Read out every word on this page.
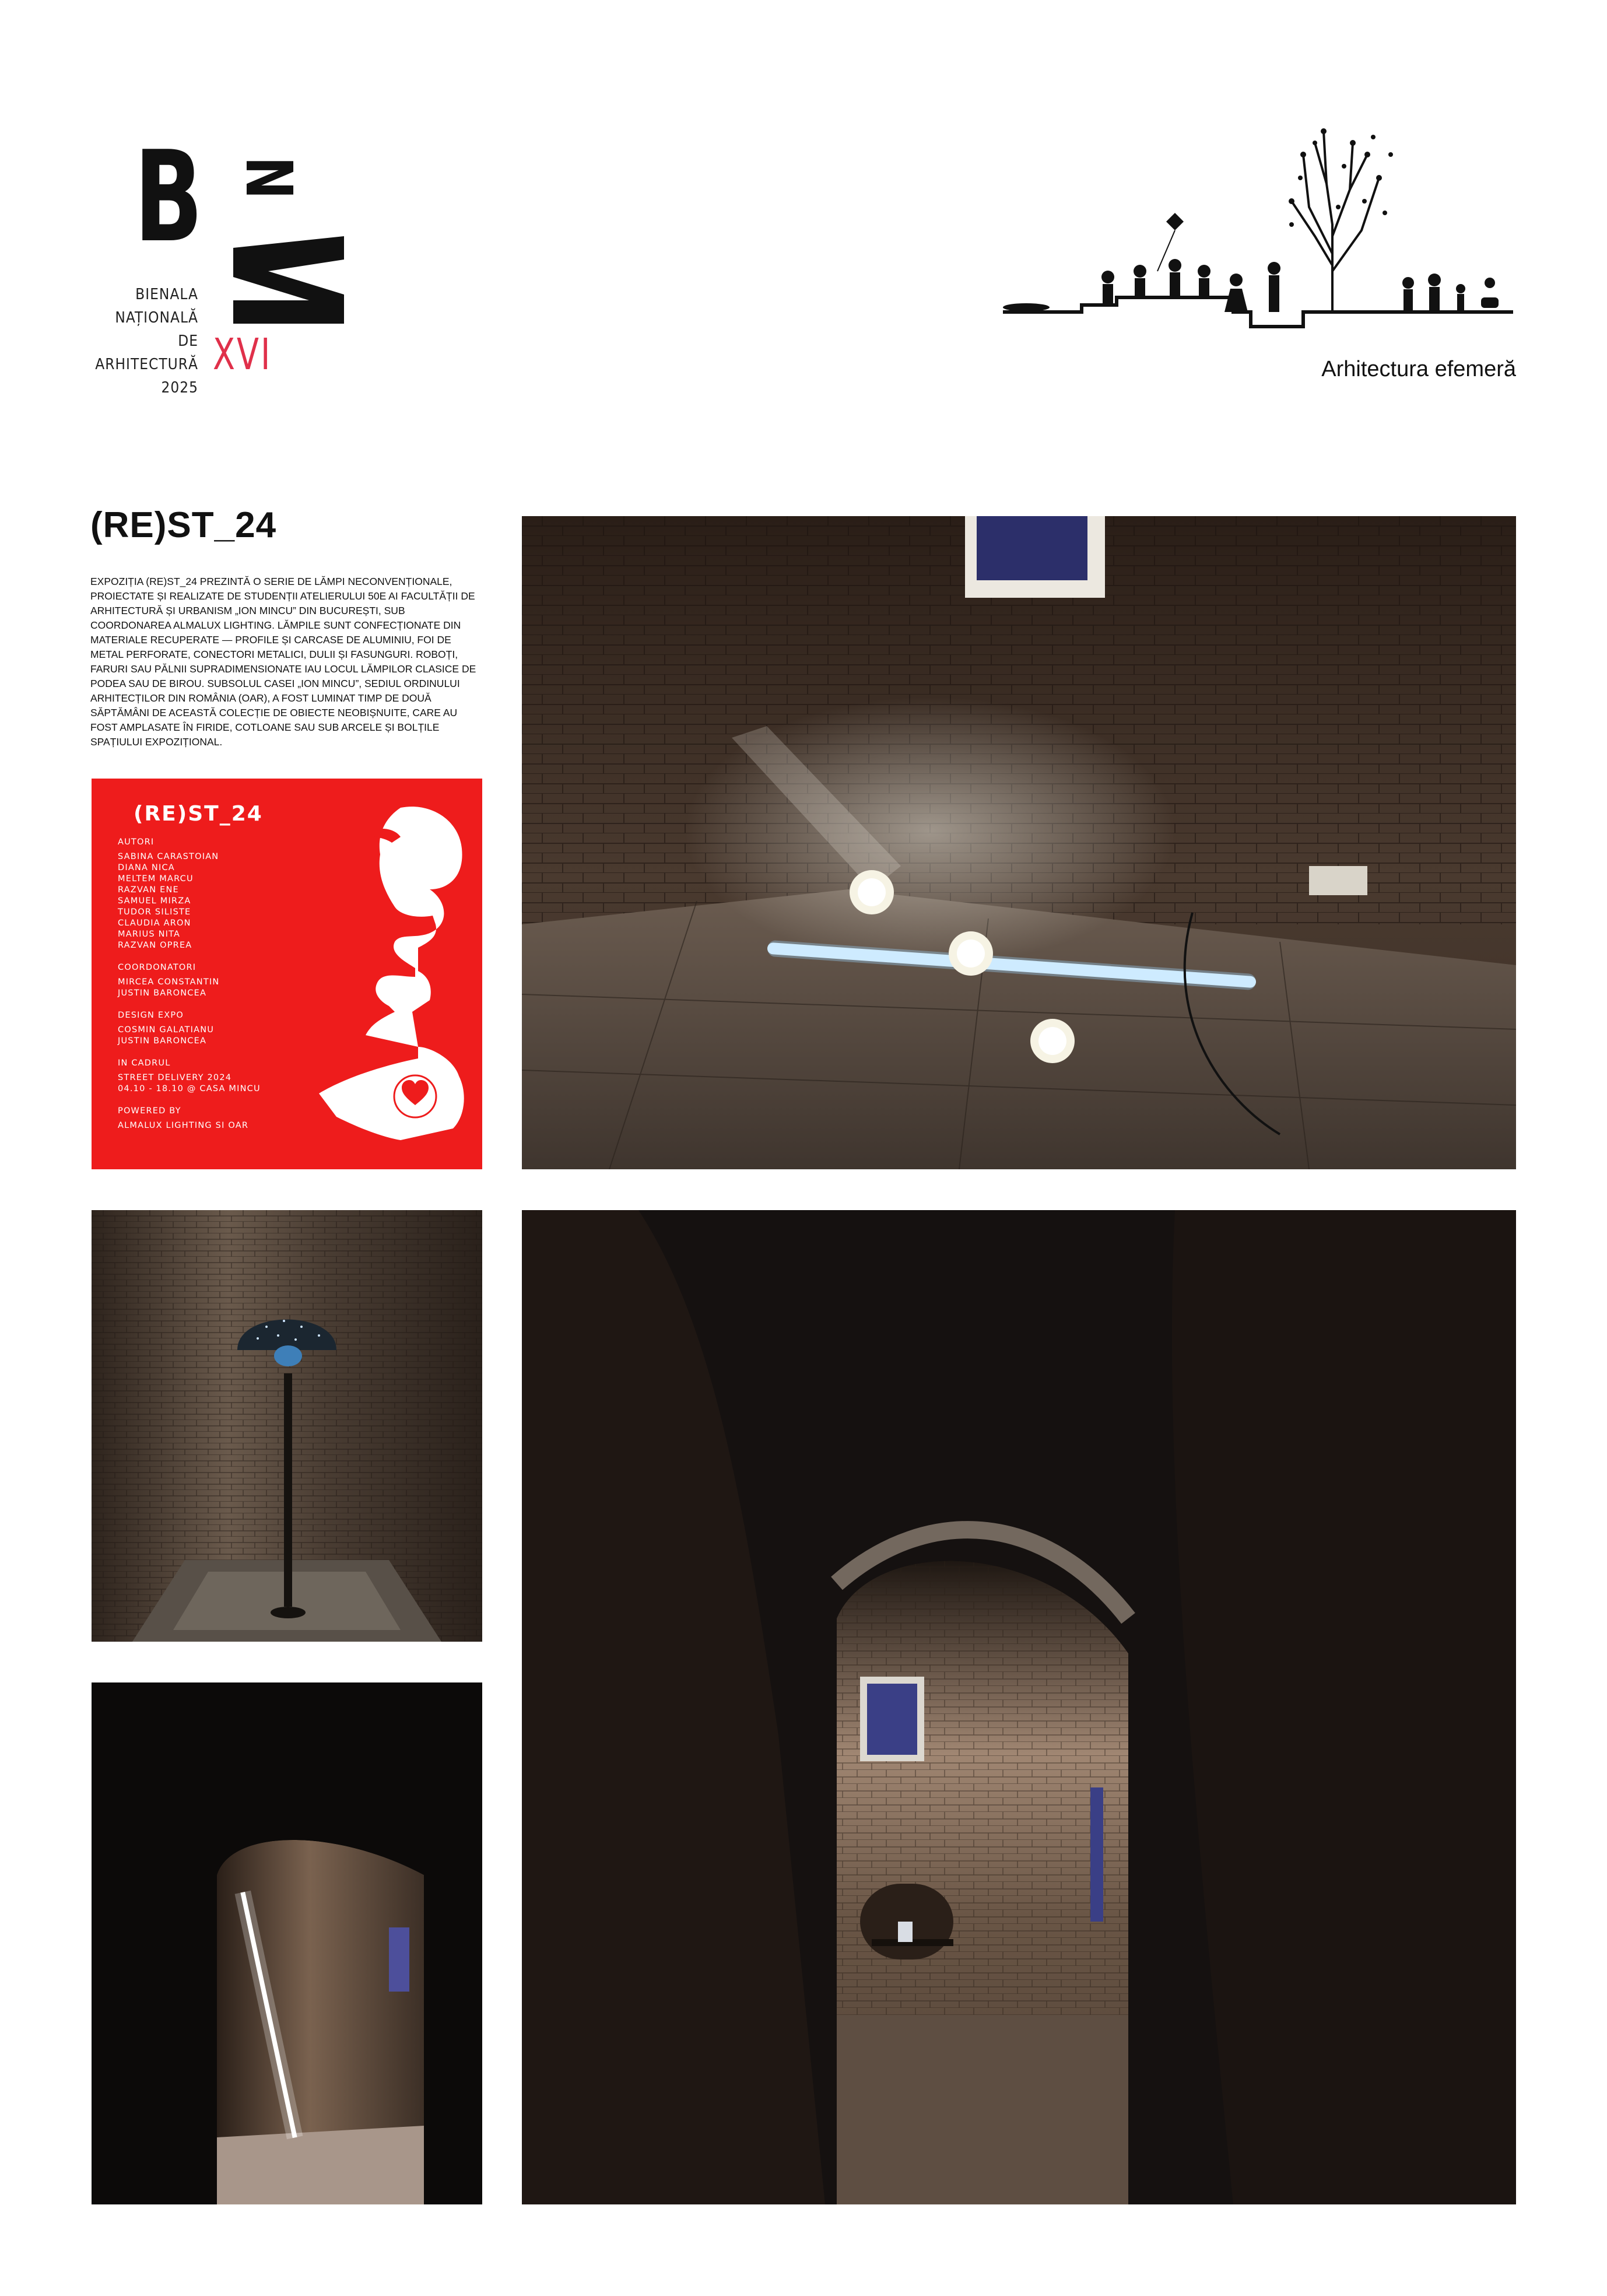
B N
BIENALA
NAȚIONALĂ
DE
ARHITECTURĂ
2025
XVI	Arhitectura efemeră
(RE)ST_24
EXPOZIȚIA (RE)ST_24 PREZINTĂ O SERIE DE LĂMPI NECONVENȚIONALE, PROIECTATE ȘI REALIZATE DE STUDENȚII ATELIERULUI 50E AI FACULTĂȚII DE ARHITECTURĂ ȘI URBANISM „ION MINCU” DIN BUCUREȘTI, SUB COORDONAREA ALMALUX LIGHTING. LĂMPILE SUNT CONFECȚIONATE DIN MATERIALE RECUPERATE — PROFILE ȘI CARCASE DE ALUMINIU, FOI DE METAL PERFORATE, CONECTORI METALICI, DULII ȘI FASUNGURI. ROBOȚI, FARURI SAU PĂLNII SUPRADIMENSIONATE IAU LOCUL LĂMPILOR CLASICE DE PODEA SAU DE BIROU. SUBSOLUL CASEI „ION MINCU”, SEDIUL ORDINULUI ARHITECȚILOR DIN ROMÂNIA (OAR), A FOST LUMINAT TIMP DE DOUĂ SĂPTĂMÂNI DE ACEASTĂ COLECȚIE DE OBIECTE NEOBIȘNUITE, CARE AU FOST AMPLASATE ÎN FIRIDE, COTLOANE SAU SUB ARCELE ȘI BOLȚILE SPAȚIULUI EXPOZIȚIONAL.
(RE)ST_24
AUTORI
SABINA CARASTOIAN
DIANA NICA
MELTEM MARCU
RAZVAN ENE
SAMUEL MIRZA
TUDOR SILISTE
CLAUDIA ARON
MARIUS NITA
RAZVAN OPREA
COORDONATORI
MIRCEA CONSTANTIN
JUSTIN BARONCEA
DESIGN EXPO
COSMIN GALATIANU
JUSTIN BARONCEA
IN CADRUL
STREET DELIVERY 2024
04.10 - 18.10 @ CASA MINCU
POWERED BY
ALMALUX LIGHTING SI OAR
